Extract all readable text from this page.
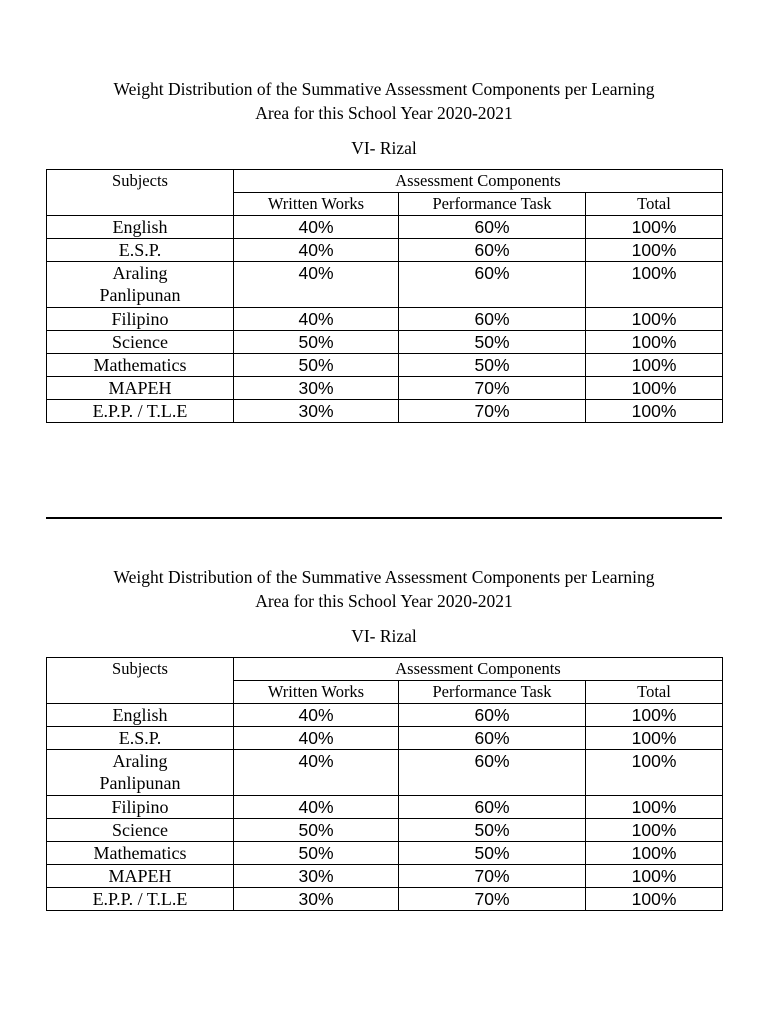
Weight Distribution of the Summative Assessment Components per Learning
Area for this School Year 2020-2021
VI- Rizal
Subjects	Assessment Components		
	Written Works	Performance Task	Total
English	40%	60%	100%
E.S.P.	40%	60%	100%

Araling
Panlipunan	40%	60%	100%
Filipino	40%	60%	100%
Science	50%	50%	100%
Mathematics	50%	50%	100%
MAPEH	30%	70%	100%
E.P.P. / T.L.E	30%	70%	100%
Weight Distribution of the Summative Assessment Components per Learning
Area for this School Year 2020-2021
VI- Rizal
Subjects	Assessment Components		
	Written Works	Performance Task	Total
English	40%	60%	100%
E.S.P.	40%	60%	100%

Araling
Panlipunan	40%	60%	100%
Filipino	40%	60%	100%
Science	50%	50%	100%
Mathematics	50%	50%	100%
MAPEH	30%	70%	100%
E.P.P. / T.L.E	30%	70%	100%
